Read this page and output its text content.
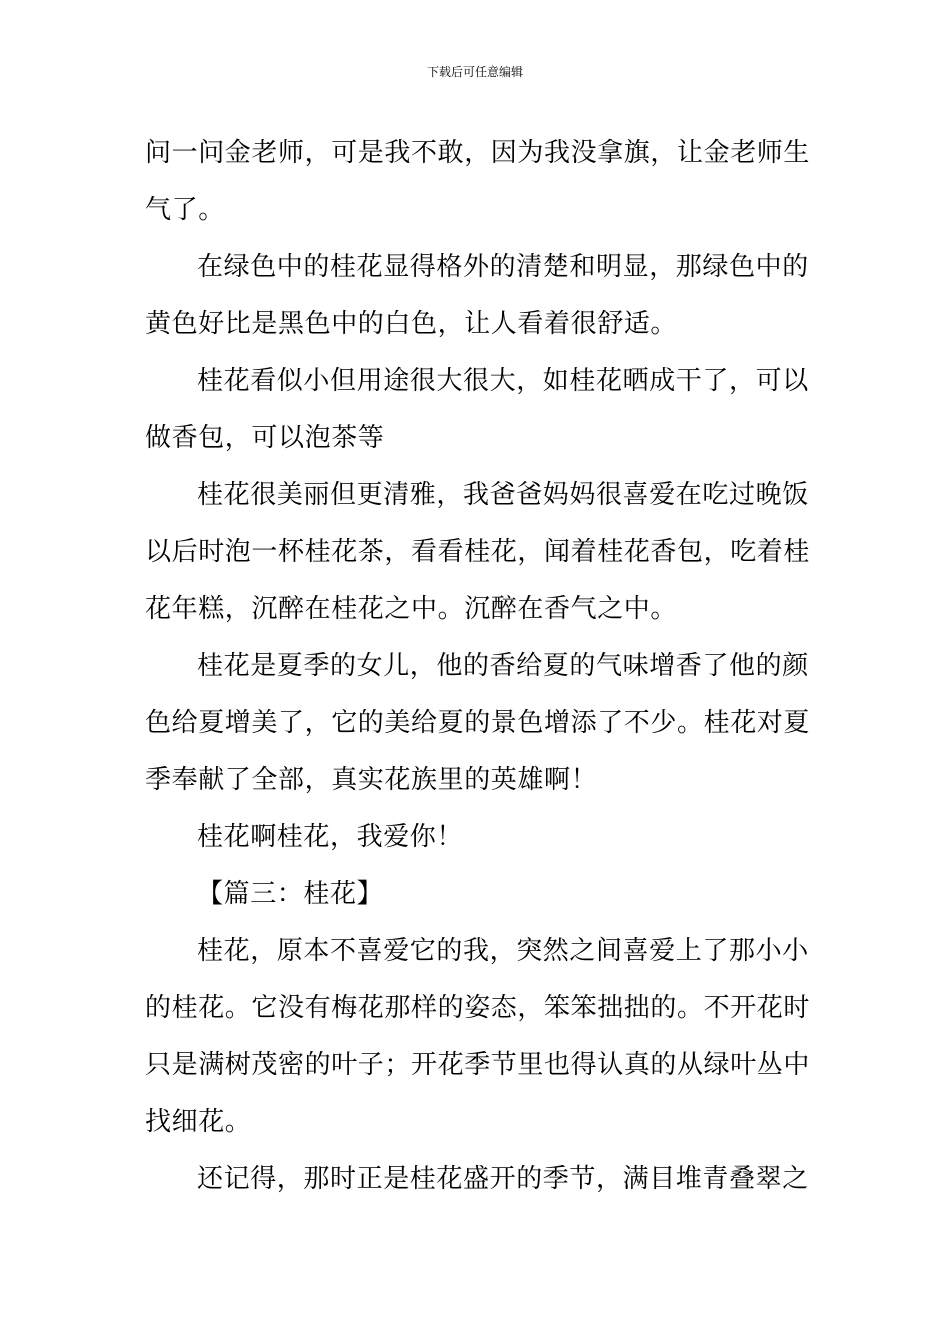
下载后可任意编辑
问一问金老师，可是我不敢，因为我没拿旗，让金老师生
气了。
在绿色中的桂花显得格外的清楚和明显，那绿色中的
黄色好比是黑色中的白色，让人看着很舒适。
桂花看似小但用途很大很大，如桂花晒成干了，可以
做香包，可以泡茶等
桂花很美丽但更清雅，我爸爸妈妈很喜爱在吃过晚饭
以后时泡一杯桂花茶，看看桂花，闻着桂花香包，吃着桂
花年糕，沉醉在桂花之中。沉醉在香气之中。
桂花是夏季的女儿，他的香给夏的气味增香了他的颜
色给夏增美了，它的美给夏的景色增添了不少。桂花对夏
季奉献了全部，真实花族里的英雄啊！
桂花啊桂花，我爱你！
【篇三：桂花】
桂花，原本不喜爱它的我，突然之间喜爱上了那小小
的桂花。它没有梅花那样的姿态，笨笨拙拙的。不开花时
只是满树茂密的叶子；开花季节里也得认真的从绿叶丛中
找细花。
还记得，那时正是桂花盛开的季节，满目堆青叠翠之
